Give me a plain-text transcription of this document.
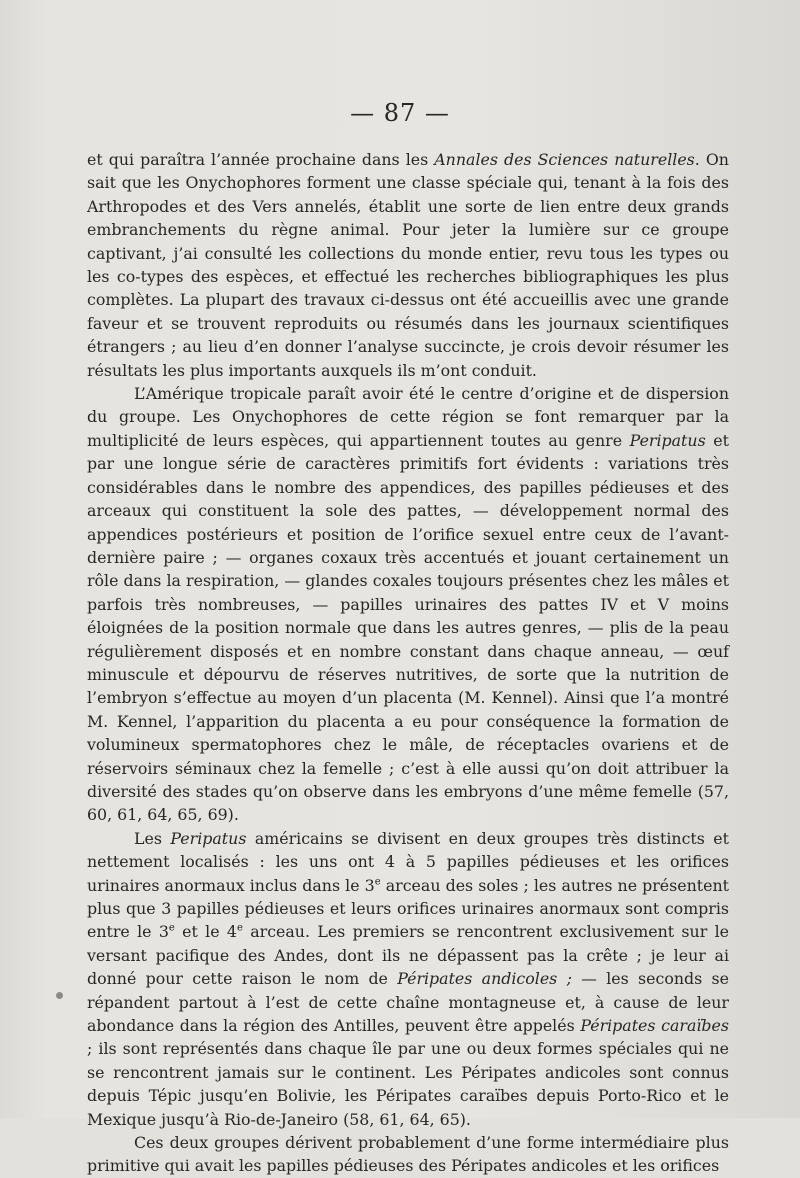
— 87 —

et qui paraîtra l’année prochaine dans les Annales des Sciences naturelles. On sait que les Onychophores forment une classe spéciale qui, tenant à la fois des Arthropodes et des Vers annelés, établit une sorte de lien entre deux grands embranchements du règne animal. Pour jeter la lumière sur ce groupe captivant, j’ai consulté les collections du monde entier, revu tous les types ou les co-types des espèces, et effectué les recherches bibliographiques les plus complètes. La plupart des travaux ci-dessus ont été accueillis avec une grande faveur et se trouvent reproduits ou résumés dans les journaux scientifiques étrangers ; au lieu d’en donner l’analyse succincte, je crois devoir résumer les résultats les plus importants auxquels ils m’ont conduit.

L’Amérique tropicale paraît avoir été le centre d’origine et de dispersion du groupe. Les Onychophores de cette région se font remarquer par la multiplicité de leurs espèces, qui appartiennent toutes au genre Peripatus et par une longue série de caractères primitifs fort évidents : variations très considérables dans le nombre des appendices, des papilles pédieuses et des arceaux qui constituent la sole des pattes, — développement normal des appendices postérieurs et position de l’orifice sexuel entre ceux de l’avant-dernière paire ; — organes coxaux très accentués et jouant certainement un rôle dans la respiration, — glandes coxales toujours présentes chez les mâles et parfois très nombreuses, — papilles urinaires des pattes IV et V moins éloignées de la position normale que dans les autres genres, — plis de la peau régulièrement disposés et en nombre constant dans chaque anneau, — œuf minuscule et dépourvu de réserves nutritives, de sorte que la nutrition de l’embryon s’effectue au moyen d’un placenta (M. Kennel). Ainsi que l’a montré M. Kennel, l’apparition du placenta a eu pour conséquence la formation de volumineux spermatophores chez le mâle, de réceptacles ovariens et de réservoirs séminaux chez la femelle ; c’est à elle aussi qu’on doit attribuer la diversité des stades qu’on observe dans les embryons d’une même femelle (57, 60, 61, 64, 65, 69).

Les Peripatus américains se divisent en deux groupes très distincts et nettement localisés : les uns ont 4 à 5 papilles pédieuses et les orifices urinaires anormaux inclus dans le 3e arceau des soles ; les autres ne présentent plus que 3 papilles pédieuses et leurs orifices urinaires anormaux sont compris entre le 3e et le 4e arceau. Les premiers se rencontrent exclusivement sur le versant pacifique des Andes, dont ils ne dépassent pas la crête ; je leur ai donné pour cette raison le nom de Péripates andicoles ; — les seconds se répandent partout à l’est de cette chaîne montagneuse et, à cause de leur abondance dans la région des Antilles, peuvent être appelés Péripates caraïbes ; ils sont représentés dans chaque île par une ou deux formes spéciales qui ne se rencontrent jamais sur le continent. Les Péripates andicoles sont connus depuis Tépic jusqu’en Bolivie, les Péripates caraïbes depuis Porto-Rico et le Mexique jusqu’à Rio-de-Janeiro (58, 61, 64, 65).

Ces deux groupes dérivent probablement d’une forme intermédiaire plus primitive qui avait les papilles pédieuses des Péripates andicoles et les orifices
